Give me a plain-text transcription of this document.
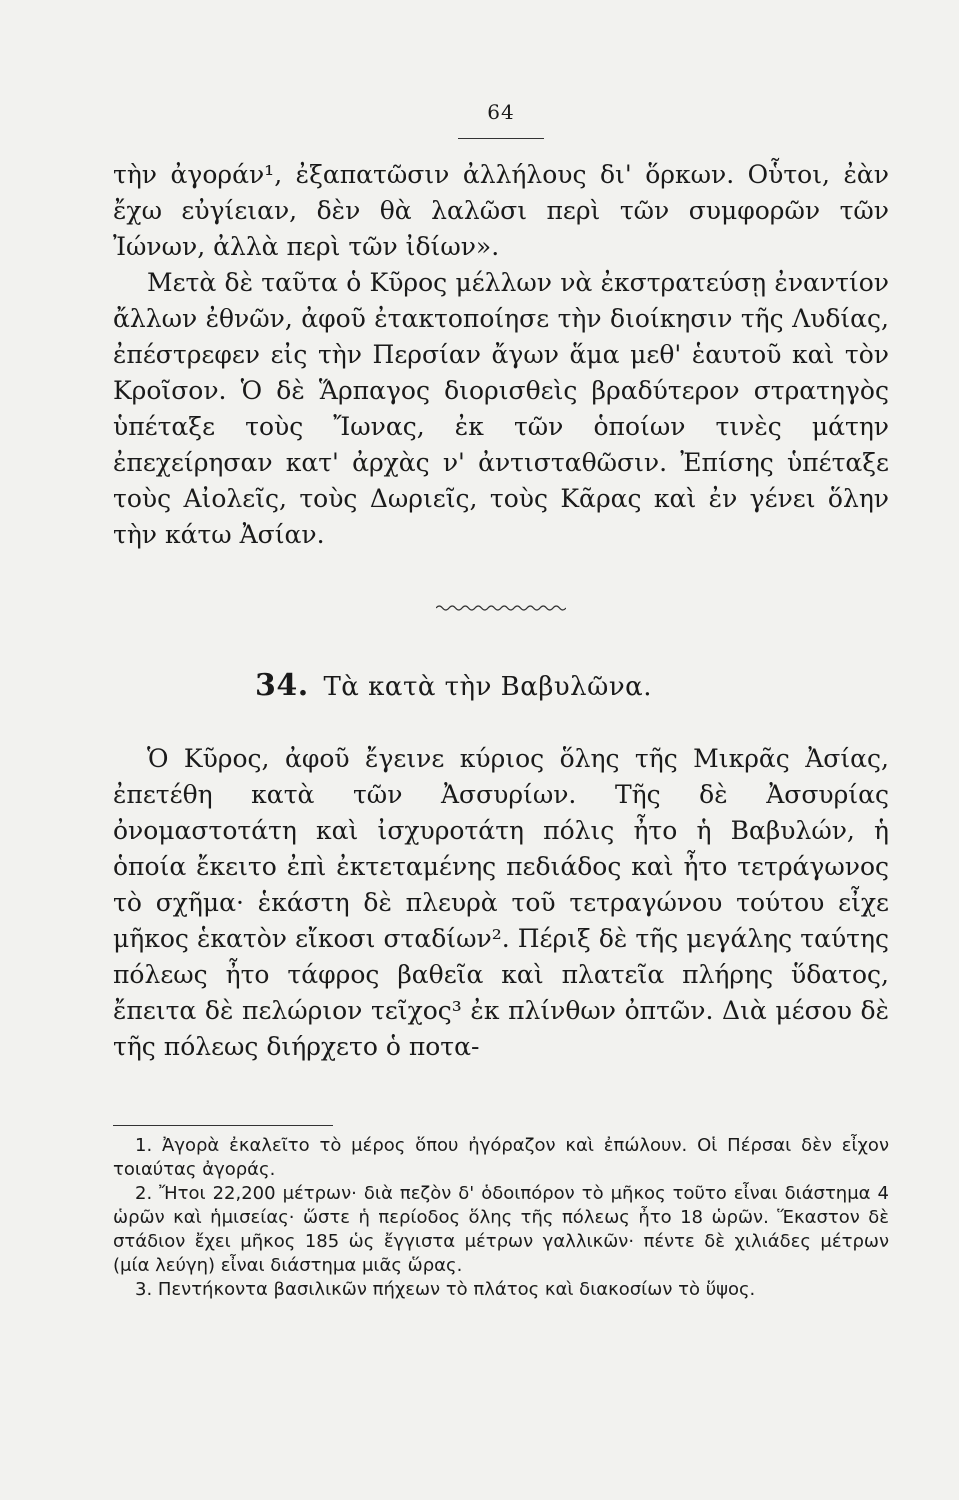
64

τὴν ἀγοράν¹, ἐξαπατῶσιν ἀλλήλους δι' ὅρκων. Οὗτοι, ἐὰν ἔχω εὐγίειαν, δὲν θὰ λαλῶσι περὶ τῶν συμφορῶν τῶν Ἰώνων, ἀλλὰ περὶ τῶν ἰδίων».

Μετὰ δὲ ταῦτα ὁ Κῦρος μέλλων νὰ ἐκστρατεύσῃ ἐναντίον ἄλλων ἐθνῶν, ἀφοῦ ἐτακτοποίησε τὴν διοίκησιν τῆς Λυδίας, ἐπέστρεφεν εἰς τὴν Περσίαν ἄγων ἅμα μεθ' ἑαυτοῦ καὶ τὸν Κροῖσον. Ὁ δὲ Ἅρπαγος διορισθεὶς βραδύτερον στρατηγὸς ὑπέταξε τοὺς Ἴωνας, ἐκ τῶν ὁποίων τινὲς μάτην ἐπεχείρησαν κατ' ἀρχὰς ν' ἀντισταθῶσιν. Ἐπίσης ὑπέταξε τοὺς Αἰολεῖς, τοὺς Δωριεῖς, τοὺς Κᾶρας καὶ ἐν γένει ὅλην τὴν κάτω Ἀσίαν.

34. Τὰ κατὰ τὴν Βαβυλῶνα.

Ὁ Κῦρος, ἀφοῦ ἔγεινε κύριος ὅλης τῆς Μικρᾶς Ἀσίας, ἐπετέθη κατὰ τῶν Ἀσσυρίων. Τῆς δὲ Ἀσσυρίας ὀνομαστοτάτη καὶ ἰσχυροτάτη πόλις ἦτο ἡ Βαβυλών, ἡ ὁποία ἔκειτο ἐπὶ ἐκτεταμένης πεδιάδος καὶ ἦτο τετράγωνος τὸ σχῆμα· ἑκάστη δὲ πλευρὰ τοῦ τετραγώνου τούτου εἶχε μῆκος ἑκατὸν εἴκοσι σταδίων². Πέριξ δὲ τῆς μεγάλης ταύτης πόλεως ἦτο τάφρος βαθεῖα καὶ πλατεῖα πλήρης ὕδατος, ἔπειτα δὲ πελώριον τεῖχος³ ἐκ πλίνθων ὀπτῶν. Διὰ μέσου δὲ τῆς πόλεως διήρχετο ὁ ποτα-

1. Ἀγορὰ ἐκαλεῖτο τὸ μέρος ὅπου ἠγόραζον καὶ ἐπώλουν. Οἱ Πέρσαι δὲν εἶχον τοιαύτας ἀγοράς.

2. Ἤτοι 22,200 μέτρων· διὰ πεζὸν δ' ὁδοιπόρον τὸ μῆκος τοῦτο εἶναι διάστημα 4 ὡρῶν καὶ ἡμισείας· ὥστε ἡ περίοδος ὅλης τῆς πόλεως ἦτο 18 ὡρῶν. Ἕκαστον δὲ στάδιον ἔχει μῆκος 185 ὡς ἔγγιστα μέτρων γαλλικῶν· πέντε δὲ χιλιάδες μέτρων (μία λεύγη) εἶναι διάστημα μιᾶς ὥρας.

3. Πεντήκοντα βασιλικῶν πήχεων τὸ πλάτος καὶ διακοσίων τὸ ὕψος.
